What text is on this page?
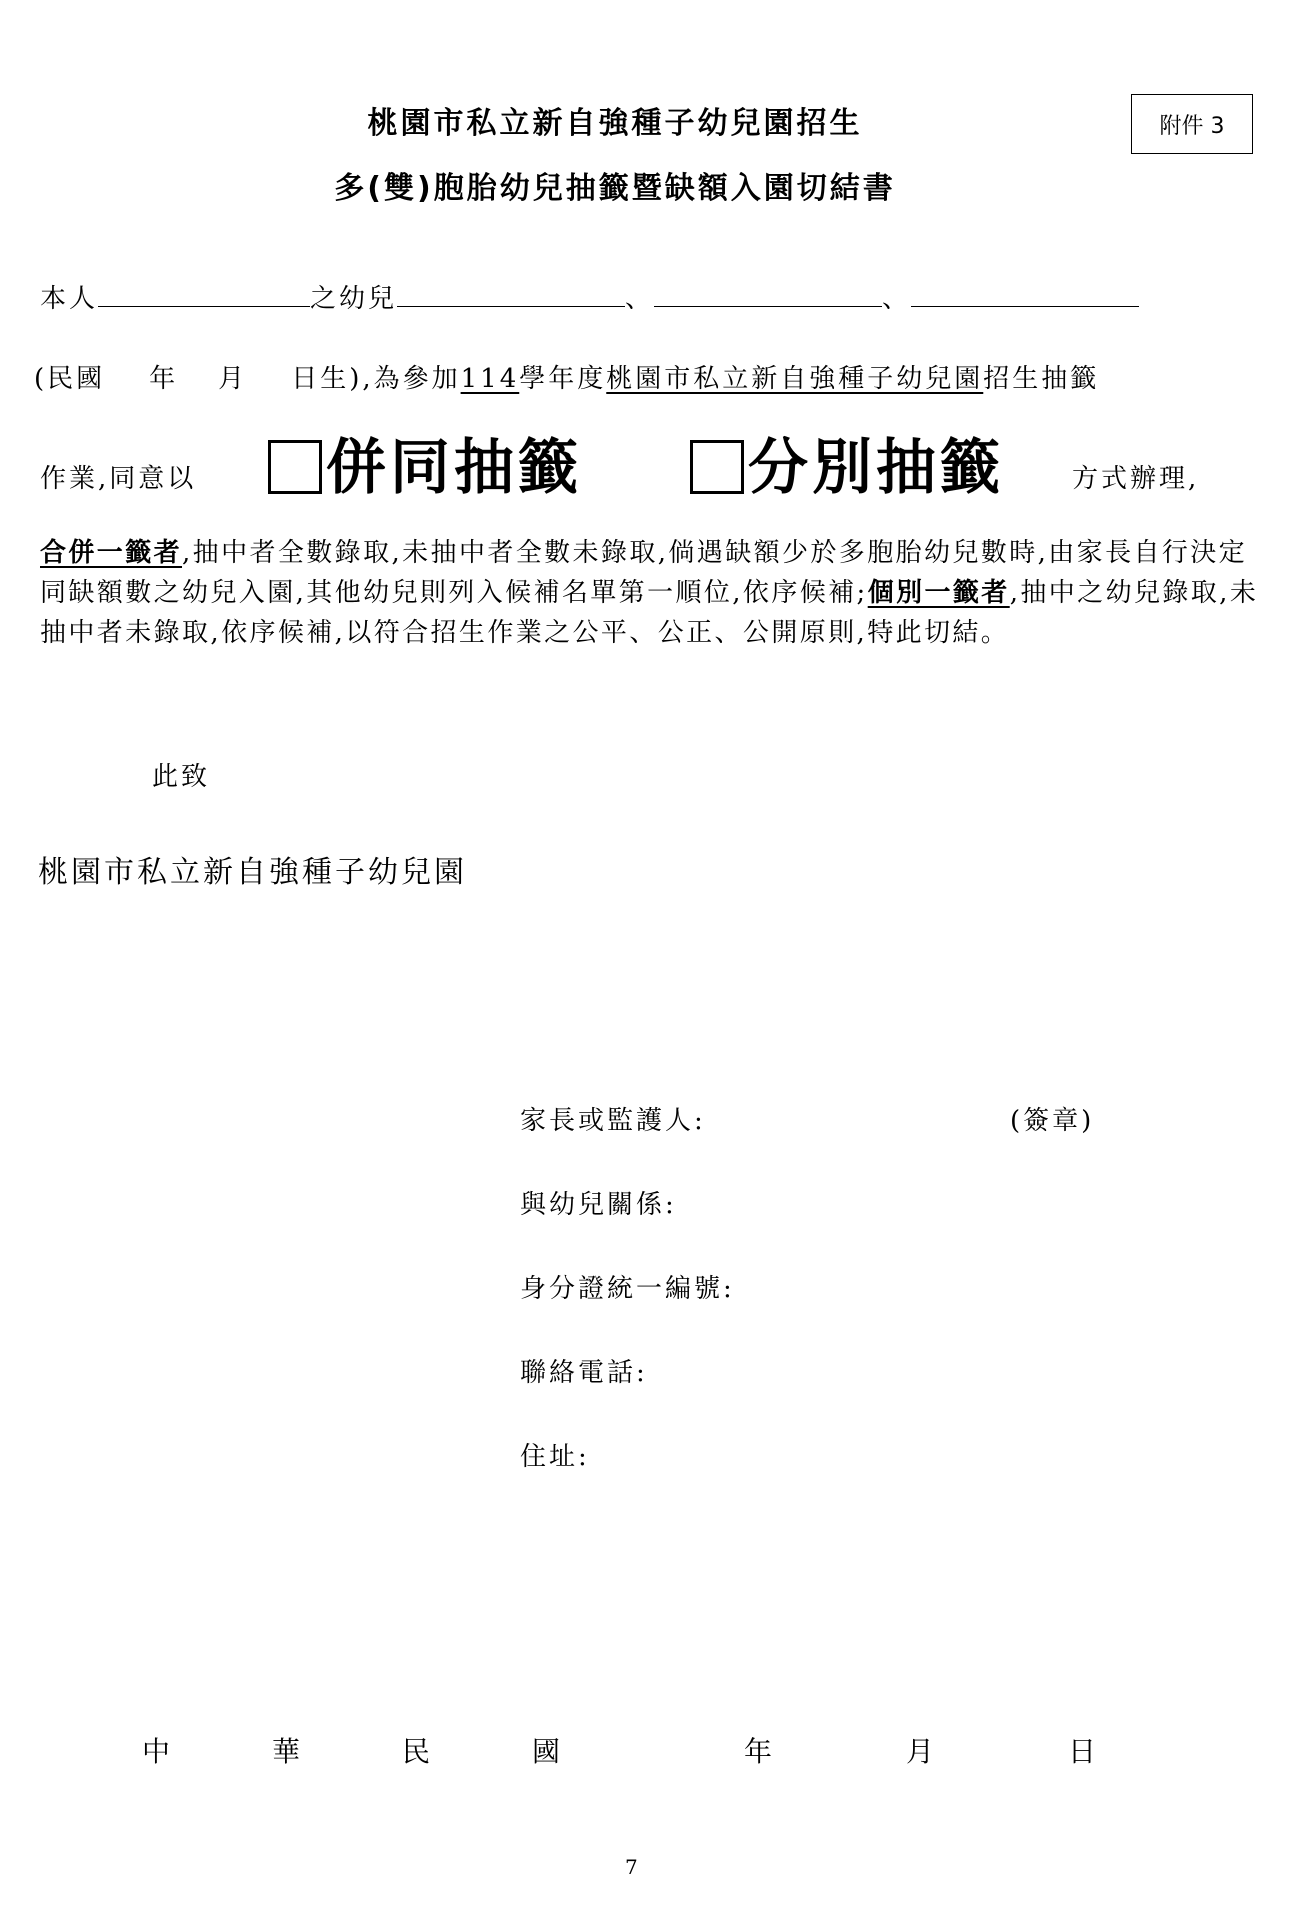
桃園市私立新自強種子幼兒園招生
多(雙)胞胎幼兒抽籤暨缺額入園切結書
附件 3
本人	之幼兒	、	、
(民國 年 月 日生),為參加114學年度桃園市私立新自強種子幼兒園招生抽籤
作業,同意以	併同抽籤	分別抽籤	方式辦理,
合併一籤者,抽中者全數錄取,未抽中者全數未錄取,倘遇缺額少於多胞胎幼兒數時,由家長自行決定同缺額數之幼兒入園,其他幼兒則列入候補名單第一順位,依序候補;個別一籤者,抽中之幼兒錄取,未抽中者未錄取,依序候補,以符合招生作業之公平、公正、公開原則,特此切結。
此致
桃園市私立新自強種子幼兒園
家長或監護人:	(簽章)
與幼兒關係:
身分證統一編號:
聯絡電話:
住址:
中	華	民	國	年	月	日
7
